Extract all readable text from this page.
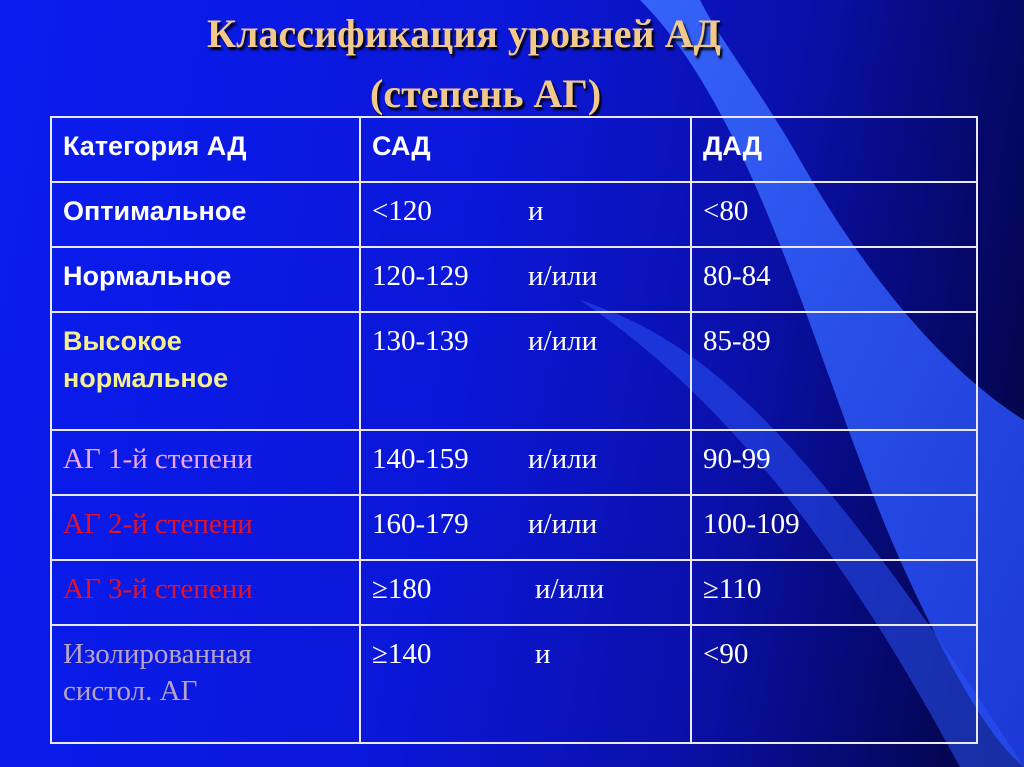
Классификация уровней АД
(степень АГ)
Категория АД	САД	ДАД
Оптимальное	<120 и	<80
Нормальное	120-129 и/или	80-84
Высокое нормальное	130-139 и/или	85-89
АГ 1-й степени	140-159 и/или	90-99
АГ 2-й степени	160-179 и/или	100-109
АГ 3-й степени	≥180 и/или	≥110
Изолированная систол. АГ	≥140 и	<90
